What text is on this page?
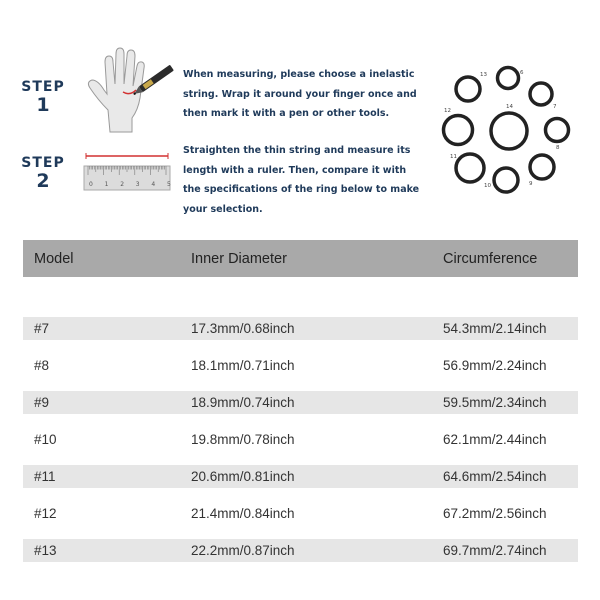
STEP
1
When measuring, please choose a inelastic
string. Wrap it around your finger once and
then mark it with a pen or other tools.
STEP
2	0 1 2 3 4 5
Straighten the thin string and measure its
length with a ruler. Then, compare it with
the specifications of the ring below to make
your selection.
13	6
7
12
14
8
11
10	9
Model	Inner Diameter	Circumference
#7	17.3mm/0.68inch	54.3mm/2.14inch
#8	18.1mm/0.71inch	56.9mm/2.24inch
#9	18.9mm/0.74inch	59.5mm/2.34inch
#10	19.8mm/0.78inch	62.1mm/2.44inch
#11	20.6mm/0.81inch	64.6mm/2.54inch
#12	21.4mm/0.84inch	67.2mm/2.56inch
#13	22.2mm/0.87inch	69.7mm/2.74inch
